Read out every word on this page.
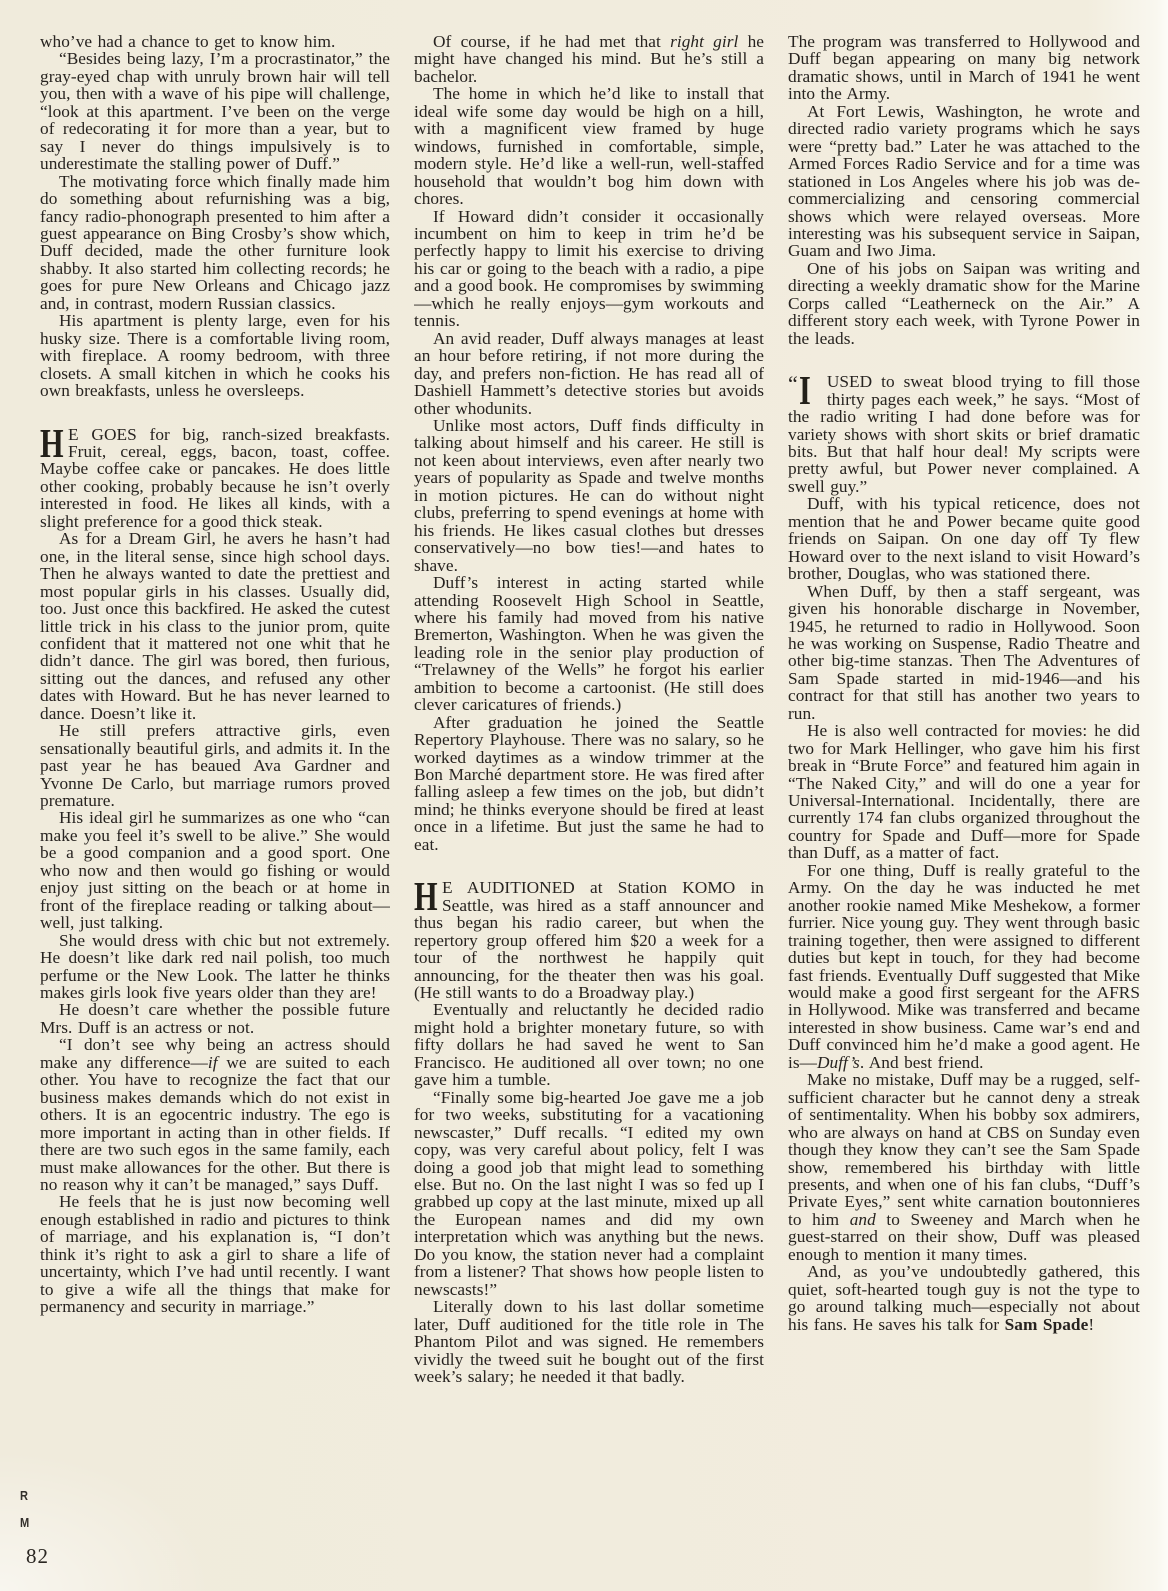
R
M
82

who’ve had a chance to get to know him.

“Besides being lazy, I’m a procrastinator,” the gray-eyed chap with unruly brown hair will tell you, then with a wave of his pipe will challenge, “look at this apartment. I’ve been on the verge of redecorating it for more than a year, but to say I never do things impulsively is to underestimate the stalling power of Duff.”

The motivating force which finally made him do something about refurnishing was a big, fancy radio-phonograph presented to him after a guest appearance on Bing Crosby’s show which, Duff decided, made the other furniture look shabby. It also started him collecting records; he goes for pure New Orleans and Chicago jazz and, in contrast, modern Russian classics.

His apartment is plenty large, even for his husky size. There is a comfortable living room, with fireplace. A roomy bedroom, with three closets. A small kitchen in which he cooks his own breakfasts, unless he oversleeps.

H E GOES for big, ranch-sized breakfasts. Fruit, cereal, eggs, bacon, toast, coffee. Maybe coffee cake or pancakes. He does little other cooking, probably because he isn’t overly interested in food. He likes all kinds, with a slight preference for a good thick steak.

As for a Dream Girl, he avers he hasn’t had one, in the literal sense, since high school days. Then he always wanted to date the prettiest and most popular girls in his classes. Usually did, too. Just once this backfired. He asked the cutest little trick in his class to the junior prom, quite confident that it mattered not one whit that he didn’t dance. The girl was bored, then furious, sitting out the dances, and refused any other dates with Howard. But he has never learned to dance. Doesn’t like it.

He still prefers attractive girls, even sensationally beautiful girls, and admits it. In the past year he has beaued Ava Gardner and Yvonne De Carlo, but marriage rumors proved premature.

His ideal girl he summarizes as one who “can make you feel it’s swell to be alive.” She would be a good companion and a good sport. One who now and then would go fishing or would enjoy just sitting on the beach or at home in front of the fireplace reading or talking about—well, just talking.

She would dress with chic but not extremely. He doesn’t like dark red nail polish, too much perfume or the New Look. The latter he thinks makes girls look five years older than they are!

He doesn’t care whether the possible future Mrs. Duff is an actress or not.

“I don’t see why being an actress should make any difference—if we are suited to each other. You have to recognize the fact that our business makes demands which do not exist in others. It is an egocentric industry. The ego is more important in acting than in other fields. If there are two such egos in the same family, each must make allowances for the other. But there is no reason why it can’t be managed,” says Duff.

He feels that he is just now becoming well enough established in radio and pictures to think of marriage, and his explanation is, “I don’t think it’s right to ask a girl to share a life of uncertainty, which I’ve had until recently. I want to give a wife all the things that make for permanency and security in marriage.”

Of course, if he had met that right girl he might have changed his mind. But he’s still a bachelor.

The home in which he’d like to install that ideal wife some day would be high on a hill, with a magnificent view framed by huge windows, furnished in comfortable, simple, modern style. He’d like a well-run, well-staffed household that wouldn’t bog him down with chores.

If Howard didn’t consider it occasionally incumbent on him to keep in trim he’d be perfectly happy to limit his exercise to driving his car or going to the beach with a radio, a pipe and a good book. He compromises by swimming—which he really enjoys—gym workouts and tennis.

An avid reader, Duff always manages at least an hour before retiring, if not more during the day, and prefers non-fiction. He has read all of Dashiell Hammett’s detective stories but avoids other whodunits.

Unlike most actors, Duff finds difficulty in talking about himself and his career. He still is not keen about interviews, even after nearly two years of popularity as Spade and twelve months in motion pictures. He can do without night clubs, preferring to spend evenings at home with his friends. He likes casual clothes but dresses conservatively—no bow ties!—and hates to shave.

Duff’s interest in acting started while attending Roosevelt High School in Seattle, where his family had moved from his native Bremerton, Washington. When he was given the leading role in the senior play production of “Trelawney of the Wells” he forgot his earlier ambition to become a cartoonist. (He still does clever caricatures of friends.)

After graduation he joined the Seattle Repertory Playhouse. There was no salary, so he worked daytimes as a window trimmer at the Bon Marché department store. He was fired after falling asleep a few times on the job, but didn’t mind; he thinks everyone should be fired at least once in a lifetime. But just the same he had to eat.

H E AUDITIONED at Station KOMO in Seattle, was hired as a staff announcer and thus began his radio career, but when the repertory group offered him $20 a week for a tour of the northwest he happily quit announcing, for the theater then was his goal. (He still wants to do a Broadway play.)

Eventually and reluctantly he decided radio might hold a brighter monetary future, so with fifty dollars he had saved he went to San Francisco. He auditioned all over town; no one gave him a tumble.

“Finally some big-hearted Joe gave me a job for two weeks, substituting for a vacationing newscaster,” Duff recalls. “I edited my own copy, was very careful about policy, felt I was doing a good job that might lead to something else. But no. On the last night I was so fed up I grabbed up copy at the last minute, mixed up all the European names and did my own interpretation which was anything but the news. Do you know, the station never had a complaint from a listener? That shows how people listen to newscasts!”

Literally down to his last dollar sometime later, Duff auditioned for the title role in The Phantom Pilot and was signed. He remembers vividly the tweed suit he bought out of the first week’s salary; he needed it that badly.

The program was transferred to Hollywood and Duff began appearing on many big network dramatic shows, until in March of 1941 he went into the Army.

At Fort Lewis, Washington, he wrote and directed radio variety programs which he says were “pretty bad.” Later he was attached to the Armed Forces Radio Service and for a time was stationed in Los Angeles where his job was de-commercializing and censoring commercial shows which were relayed overseas. More interesting was his subsequent service in Saipan, Guam and Iwo Jima.

One of his jobs on Saipan was writing and directing a weekly dramatic show for the Marine Corps called “Leatherneck on the Air.” A different story each week, with Tyrone Power in the leads.

“ I USED to sweat blood trying to fill those thirty pages each week,” he says. “Most of the radio writing I had done before was for variety shows with short skits or brief dramatic bits. But that half hour deal! My scripts were pretty awful, but Power never complained. A swell guy.”

Duff, with his typical reticence, does not mention that he and Power became quite good friends on Saipan. On one day off Ty flew Howard over to the next island to visit Howard’s brother, Douglas, who was stationed there.

When Duff, by then a staff sergeant, was given his honorable discharge in November, 1945, he returned to radio in Hollywood. Soon he was working on Suspense, Radio Theatre and other big-time stanzas. Then The Adventures of Sam Spade started in mid-1946—and his contract for that still has another two years to run.

He is also well contracted for movies: he did two for Mark Hellinger, who gave him his first break in “Brute Force” and featured him again in “The Naked City,” and will do one a year for Universal-International. Incidentally, there are currently 174 fan clubs organized throughout the country for Spade and Duff—more for Spade than Duff, as a matter of fact.

For one thing, Duff is really grateful to the Army. On the day he was inducted he met another rookie named Mike Meshekow, a former furrier. Nice young guy. They went through basic training together, then were assigned to different duties but kept in touch, for they had become fast friends. Eventually Duff suggested that Mike would make a good first sergeant for the AFRS in Hollywood. Mike was transferred and became interested in show business. Came war’s end and Duff convinced him he’d make a good agent. He is—Duff’s. And best friend.

Make no mistake, Duff may be a rugged, self-sufficient character but he cannot deny a streak of sentimentality. When his bobby sox admirers, who are always on hand at CBS on Sunday even though they know they can’t see the Sam Spade show, remembered his birthday with little presents, and when one of his fan clubs, “Duff’s Private Eyes,” sent white carnation boutonnieres to him and to Sweeney and March when he guest-starred on their show, Duff was pleased enough to mention it many times.

And, as you’ve undoubtedly gathered, this quiet, soft-hearted tough guy is not the type to go around talking much—especially not about his fans. He saves his talk for Sam Spade!
